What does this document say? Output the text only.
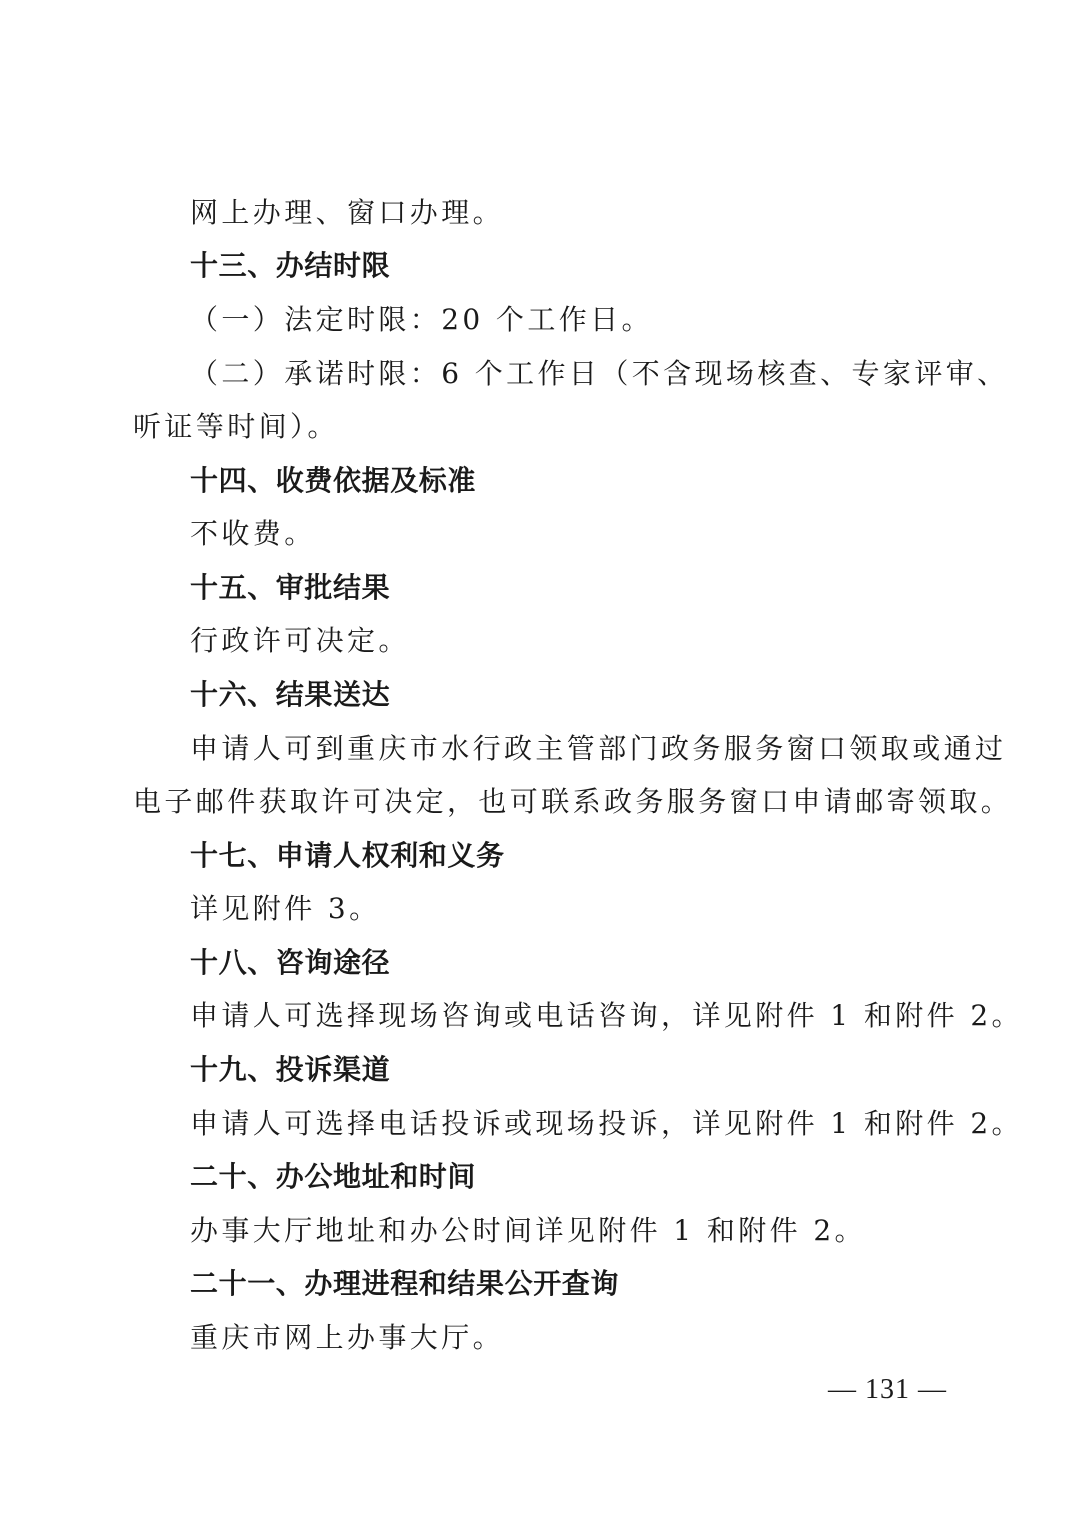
网上办理、窗口办理。
十三、办结时限
（一）法定时限：20 个工作日。
（二）承诺时限：6 个工作日（不含现场核查、专家评审、
听证等时间）。
十四、收费依据及标准
不收费。
十五、审批结果
行政许可决定。
十六、结果送达
申请人可到重庆市水行政主管部门政务服务窗口领取或通过
电子邮件获取许可决定，也可联系政务服务窗口申请邮寄领取。
十七、申请人权利和义务
详见附件 3。
十八、咨询途径
申请人可选择现场咨询或电话咨询，详见附件 1 和附件 2。
十九、投诉渠道
申请人可选择电话投诉或现场投诉，详见附件 1 和附件 2。
二十、办公地址和时间
办事大厅地址和办公时间详见附件 1 和附件 2。
二十一、办理进程和结果公开查询
重庆市网上办事大厅。
— 131 —
